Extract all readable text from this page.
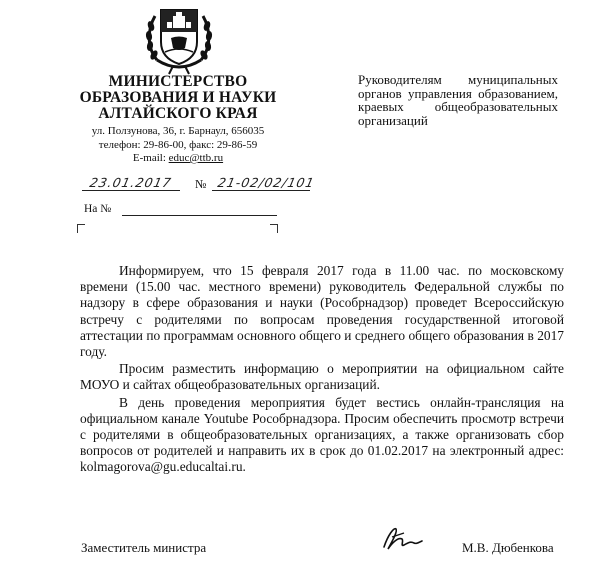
МИНИСТЕРСТВО
ОБРАЗОВАНИЯ И НАУКИ
АЛТАЙСКОГО КРАЯ
ул. Ползунова, 36, г. Барнаул, 656035
телефон: 29-86-00, факс: 29-86-59
E-mail: educ@ttb.ru
Руководителям муниципальных органов управления образованием, краевых общеобразовательных организаций
23.01.2017 № 21-02/02/101
На №

Информируем, что 15 февраля 2017 года в 11.00 час. по московскому времени (15.00 час. местного времени) руководитель Федеральной службы по надзору в сфере образования и науки (Рособрнадзор) проведет Всероссийскую встречу с родителями по вопросам проведения государственной итоговой аттестации по программам основного общего и среднего общего образования в 2017 году.

Просим разместить информацию о мероприятии на официальном сайте МОУО и сайтах общеобразовательных организаций.

В день проведения мероприятия будет вестись онлайн-трансляция на официальном канале Youtube Рособрнадзора. Просим обеспечить просмотр встречи с родителями в общеобразовательных организациях, а также организовать сбор вопросов от родителей и направить их в срок до 01.02.2017 на электронный адрес: kolmagorova@gu.educaltai.ru.

Заместитель министра	М.В. Дюбенкова
